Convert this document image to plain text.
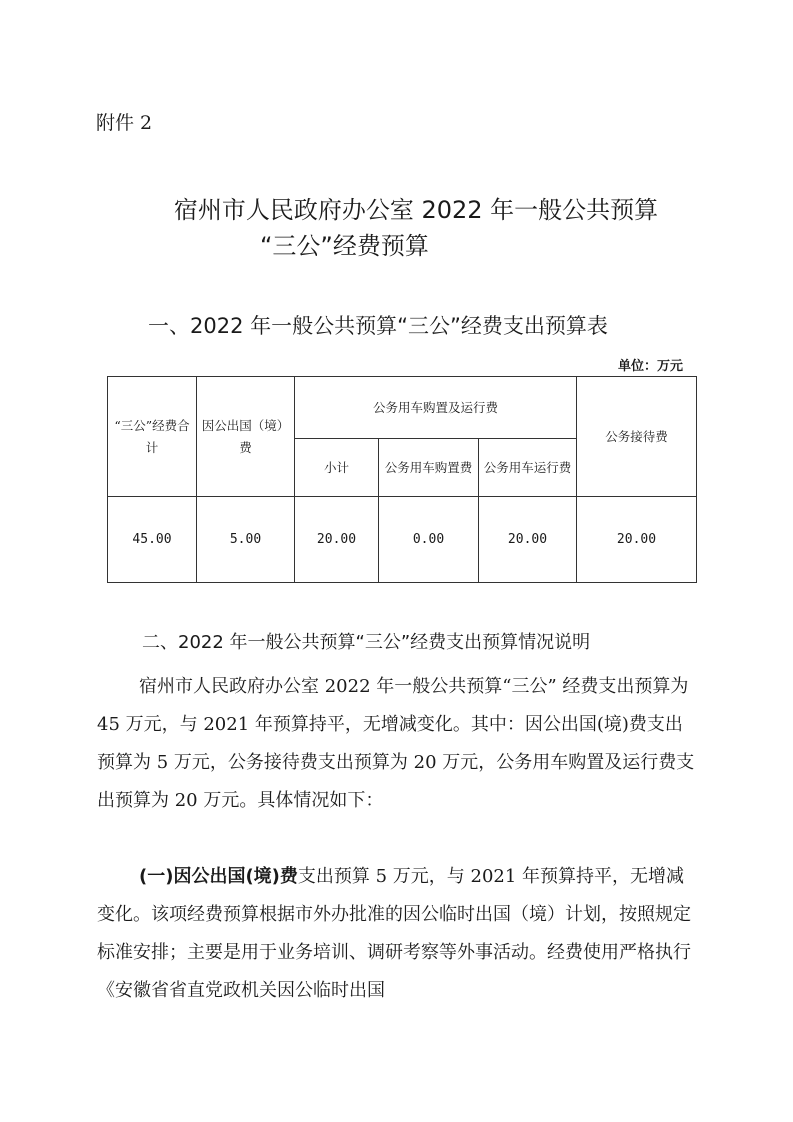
附件 2
宿州市人民政府办公室 2022 年一般公共预算
“三公”经费预算
一、2022 年一般公共预算“三公”经费支出预算表
单位：万元
“三公”经费合计	因公出国（境）费	公务用车购置及运行费			公务接待费
		小计	公务用车购置费	公务用车运行费	
45.00	5.00	20.00	0.00	20.00	20.00
二、2022 年一般公共预算“三公”经费支出预算情况说明
宿州市人民政府办公室 2022 年一般公共预算“三公” 经费支出预算为 45 万元，与 2021 年预算持平，无增减变化。其中：因公出国(境)费支出预算为 5 万元，公务接待费支出预算为 20 万元，公务用车购置及运行费支出预算为 20 万元。具体情况如下：
(一)因公出国(境)费支出预算 5 万元，与 2021 年预算持平，无增减变化。该项经费预算根据市外办批准的因公临时出国（境）计划，按照规定标准安排；主要是用于业务培训、调研考察等外事活动。经费使用严格执行《安徽省省直党政机关因公临时出国
